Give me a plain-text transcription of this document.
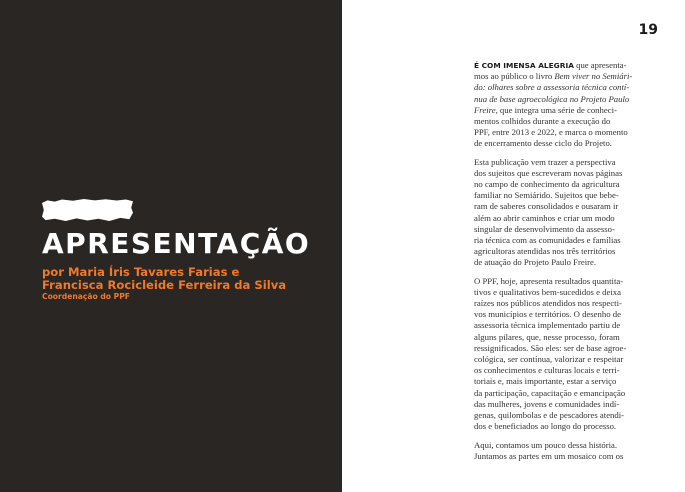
APRESENTAÇÃO
por Maria Íris Tavares Farias e
Francisca Rocicleide Ferreira da Silva
Coordenação do PPF
19
É COM IMENSA ALEGRIA que apresenta-
mos ao público o livro Bem viver no Semiári-
do: olhares sobre a assessoria técnica contí-
nua de base agroecológica no Projeto Paulo
Freire, que integra uma série de conheci-
mentos colhidos durante a execução do
PPF, entre 2013 e 2022, e marca o momento
de encerramento desse ciclo do Projeto.
Esta publicação vem trazer a perspectiva
dos sujeitos que escreveram novas páginas
no campo de conhecimento da agricultura
familiar no Semiárido. Sujeitos que bebe-
ram de saberes consolidados e ousaram ir
além ao abrir caminhos e criar um modo
singular de desenvolvimento da assesso-
ria técnica com as comunidades e famílias
agricultoras atendidas nos três territórios
de atuação do Projeto Paulo Freire.
O PPF, hoje, apresenta resultados quantita-
tivos e qualitativos bem-sucedidos e deixa
raízes nos públicos atendidos nos respecti-
vos municípios e territórios. O desenho de
assessoria técnica implementado partiu de
alguns pilares, que, nesse processo, foram
ressignificados. São eles: ser de base agroe-
cológica, ser contínua, valorizar e respeitar
os conhecimentos e culturas locais e terri-
toriais e, mais importante, estar a serviço
da participação, capacitação e emancipação
das mulheres, jovens e comunidades indí-
genas, quilombolas e de pescadores atendi-
dos e beneficiados ao longo do processo.
Aqui, contamos um pouco dessa história.
Juntamos as partes em um mosaico com os
